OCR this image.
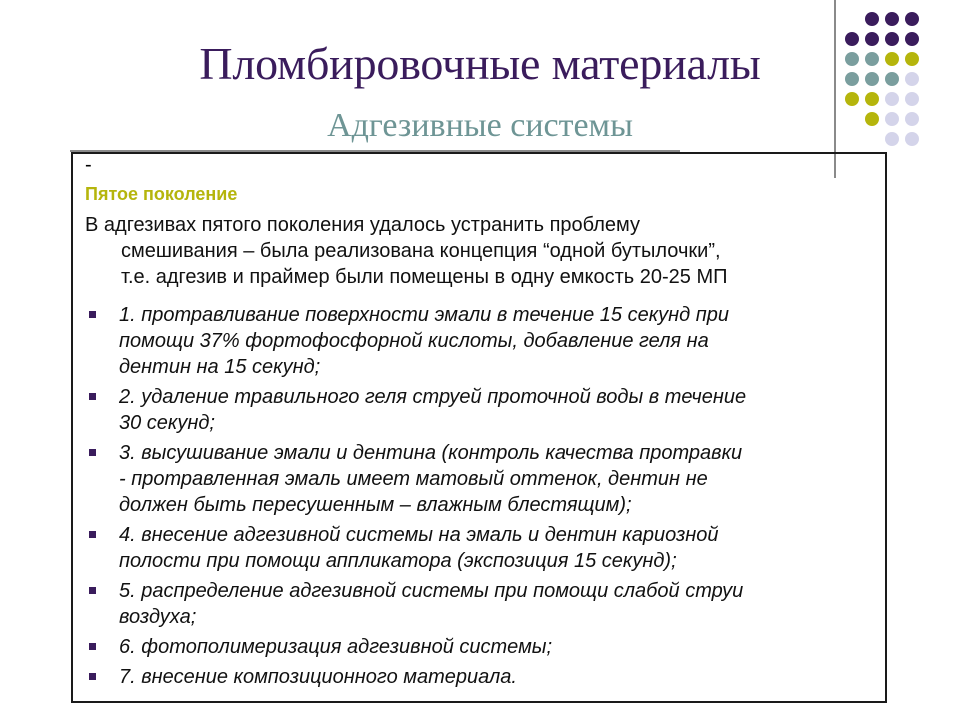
Пломбировочные материалы
Адгезивные системы
-
Пятое поколение
В адгезивах пятого поколения удалось устранить проблему
смешивания – была реализована концепция “одной бутылочки”,
т.е. адгезив и праймер были помещены в одну емкость 20-25 МП
1. протравливание поверхности эмали в течение 15 секунд при
помощи 37% фортофосфорной кислоты, добавление геля на
дентин на 15 секунд;
2. удаление травильного геля струей проточной воды в течение
30 секунд;
3. высушивание эмали и дентина (контроль качества протравки
- протравленная эмаль имеет матовый оттенок, дентин не
должен быть пересушенным – влажным блестящим);
4. внесение адгезивной системы на эмаль и дентин кариозной
полости при помощи аппликатора (экспозиция 15 секунд);
5. распределение адгезивной системы при помощи слабой струи
воздуха;
6. фотополимеризация адгезивной системы;
7. внесение композиционного материала.
